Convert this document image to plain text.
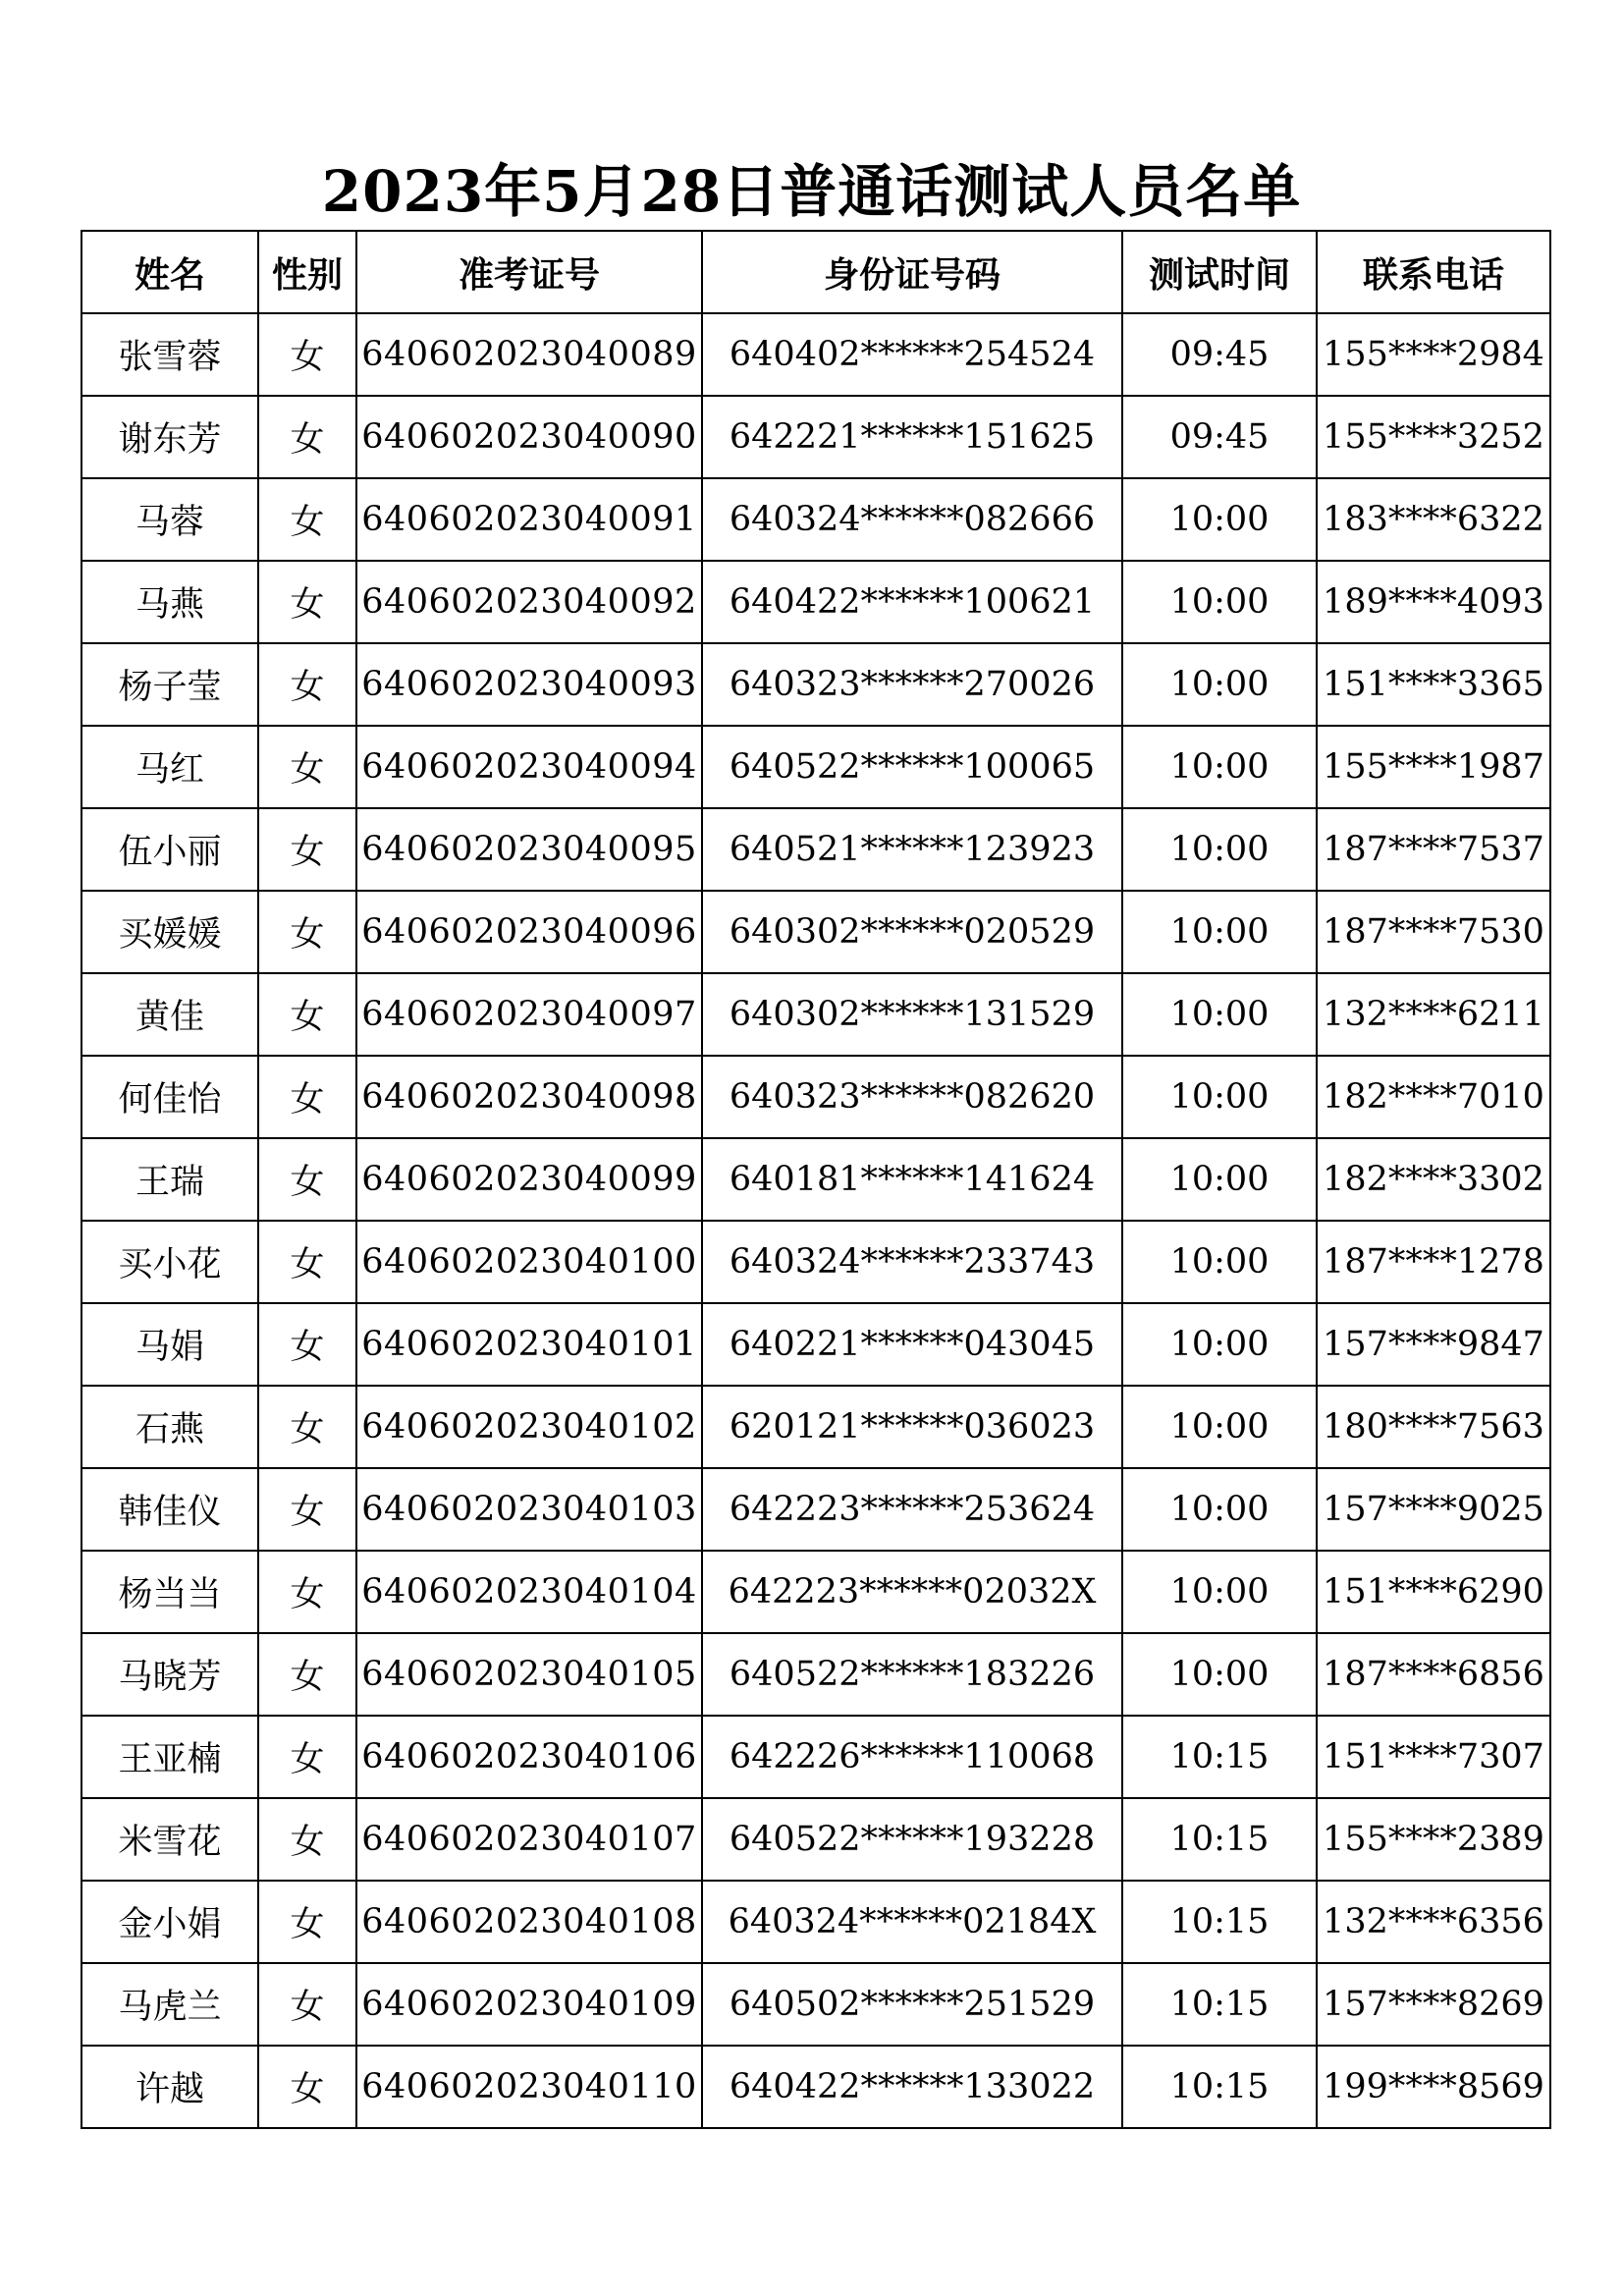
2023年5月28日普通话测试人员名单
姓名	性别	准考证号	身份证号码	测试时间	联系电话
张雪蓉	女	640602023040089	640402******254524	09:45	155****2984
谢东芳	女	640602023040090	642221******151625	09:45	155****3252
马蓉	女	640602023040091	640324******082666	10:00	183****6322
马燕	女	640602023040092	640422******100621	10:00	189****4093
杨子莹	女	640602023040093	640323******270026	10:00	151****3365
马红	女	640602023040094	640522******100065	10:00	155****1987
伍小丽	女	640602023040095	640521******123923	10:00	187****7537
买媛媛	女	640602023040096	640302******020529	10:00	187****7530
黄佳	女	640602023040097	640302******131529	10:00	132****6211
何佳怡	女	640602023040098	640323******082620	10:00	182****7010
王瑞	女	640602023040099	640181******141624	10:00	182****3302
买小花	女	640602023040100	640324******233743	10:00	187****1278
马娟	女	640602023040101	640221******043045	10:00	157****9847
石燕	女	640602023040102	620121******036023	10:00	180****7563
韩佳仪	女	640602023040103	642223******253624	10:00	157****9025
杨当当	女	640602023040104	642223******02032X	10:00	151****6290
马晓芳	女	640602023040105	640522******183226	10:00	187****6856
王亚楠	女	640602023040106	642226******110068	10:15	151****7307
米雪花	女	640602023040107	640522******193228	10:15	155****2389
金小娟	女	640602023040108	640324******02184X	10:15	132****6356
马虎兰	女	640602023040109	640502******251529	10:15	157****8269
许越	女	640602023040110	640422******133022	10:15	199****8569
